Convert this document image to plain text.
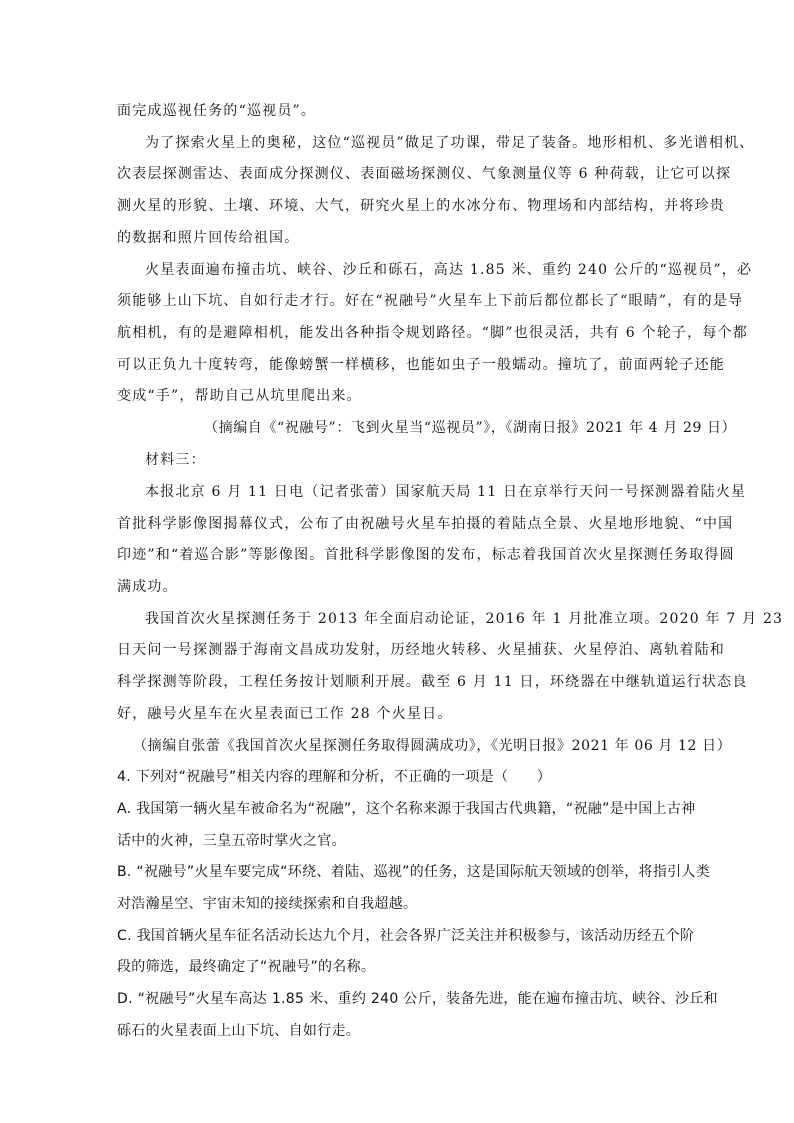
面完成巡视任务的“巡视员”。
为了探索火星上的奥秘，这位“巡视员”做足了功课，带足了装备。地形相机、多光谱相机、
次表层探测雷达、表面成分探测仪、表面磁场探测仪、气象测量仪等 6 种荷载，让它可以探
测火星的形貌、土壤、环境、大气，研究火星上的水冰分布、物理场和内部结构，并将珍贵
的数据和照片回传给祖国。
火星表面遍布撞击坑、峡谷、沙丘和砾石，高达 1.85 米、重约 240 公斤的“巡视员”，必
须能够上山下坑、自如行走才行。好在“祝融号”火星车上下前后都位都长了“眼睛”，有的是导
航相机，有的是避障相机，能发出各种指令规划路径。“脚”也很灵活，共有 6 个轮子，每个都
可以正负九十度转弯，能像螃蟹一样横移，也能如虫子一般蠕动。撞坑了，前面两轮子还能
变成“手”，帮助自己从坑里爬出来。
（摘编自《“祝融号”：飞到火星当“巡视员”》，《湖南日报》2021 年 4 月 29 日）
材料三：
本报北京 6 月 11 日电（记者张蕾）国家航天局 11 日在京举行天问一号探测器着陆火星
首批科学影像图揭幕仪式，公布了由祝融号火星车拍摄的着陆点全景、火星地形地貌、“中国
印迹”和“着巡合影”等影像图。首批科学影像图的发布，标志着我国首次火星探测任务取得圆
满成功。
我国首次火星探测任务于 2013 年全面启动论证，2016 年 1 月批准立项。2020 年 7 月 23
日天问一号探测器于海南文昌成功发射，历经地火转移、火星捕获、火星停泊、离轨着陆和
科学探测等阶段，工程任务按计划顺利开展。截至 6 月 11 日，环绕器在中继轨道运行状态良
好，融号火星车在火星表面已工作 28 个火星日。
（摘编自张蕾《我国首次火星探测任务取得圆满成功》，《光明日报》2021 年 06 月 12 日）
4. 下列对“祝融号”相关内容的理解和分析，不正确的一项是（　　）
A. 我国第一辆火星车被命名为“祝融”，这个名称来源于我国古代典籍，“祝融”是中国上古神
话中的火神，三皇五帝时掌火之官。
B. “祝融号”火星车要完成“环绕、着陆、巡视”的任务，这是国际航天领域的创举，将指引人类
对浩瀚星空、宇宙未知的接续探索和自我超越。
C. 我国首辆火星车征名活动长达九个月，社会各界广泛关注并积极参与，该活动历经五个阶
段的筛选，最终确定了“祝融号”的名称。
D. “祝融号”火星车高达 1.85 米、重约 240 公斤，装备先进，能在遍布撞击坑、峡谷、沙丘和
砾石的火星表面上山下坑、自如行走。
